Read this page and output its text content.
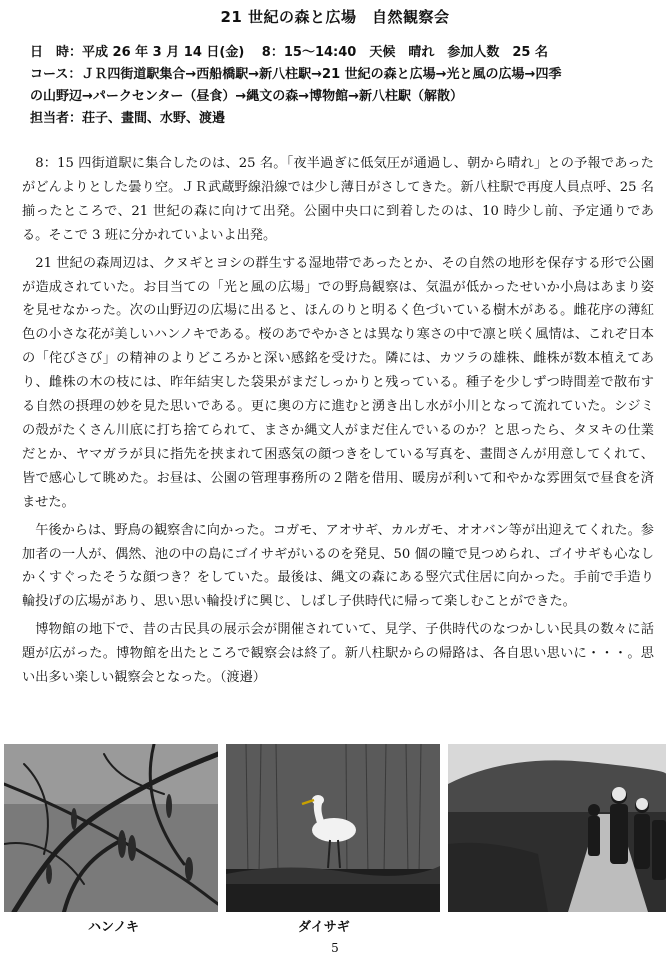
21 世紀の森と広場　自然観察会
日　時：平成 26 年 3 月 14 日(金)　 8：15～14:40　天候　晴れ　参加人数　25 名
コース：ＪＲ四街道駅集合→西船橋駅→新八柱駅→21 世紀の森と広場→光と風の広場→四季
の山野辺→パークセンター（昼食）→縄文の森→博物館→新八柱駅（解散）
担当者：荘子、畫間、水野、渡邉

8：15 四街道駅に集合したのは、25 名。「夜半過ぎに低気圧が通過し、朝から晴れ」との予報であったがどんよりとした曇り空。ＪＲ武蔵野線沿線では少し薄日がさしてきた。新八柱駅で再度人員点呼、25 名揃ったところで、21 世紀の森に向けて出発。公園中央口に到着したのは、10 時少し前、予定通りである。そこで 3 班に分かれていよいよ出発。

21 世紀の森周辺は、クヌギとヨシの群生する湿地帯であったとか、その自然の地形を保存する形で公園が造成されていた。お目当ての「光と風の広場」での野鳥観察は、気温が低かったせいか小鳥はあまり姿を見せなかった。次の山野辺の広場に出ると、ほんのりと明るく色づいている樹木がある。雌花序の薄紅色の小さな花が美しいハンノキである。桜のあでやかさとは異なり寒さの中で凛と咲く風情は、これぞ日本の「侘びさび」の精神のよりどころかと深い感銘を受けた。隣には、カツラの雄株、雌株が数本植えてあり、雌株の木の枝には、昨年結実した袋果がまだしっかりと残っている。種子を少しずつ時間差で散布する自然の摂理の妙を見た思いである。更に奥の方に進むと湧き出し水が小川となって流れていた。シジミの殻がたくさん川底に打ち捨てられて、まさか縄文人がまだ住んでいるのか？と思ったら、タヌキの仕業だとか、ヤマガラが貝に指先を挟まれて困惑気の顔つきをしている写真を、畫間さんが用意してくれて、皆で感心して眺めた。お昼は、公園の管理事務所の２階を借用、暖房が利いて和やかな雰囲気で昼食を済ませた。

午後からは、野鳥の観察舎に向かった。コガモ、アオサギ、カルガモ、オオバン等が出迎えてくれた。参加者の一人が、偶然、池の中の島にゴイサギがいるのを発見、50 個の瞳で見つめられ、ゴイサギも心なしかくすぐったそうな顔つき？をしていた。最後は、縄文の森にある竪穴式住居に向かった。手前で手造り輪投げの広場があり、思い思い輪投げに興じ、しばし子供時代に帰って楽しむことができた。

博物館の地下で、昔の古民具の展示会が開催されていて、見学、子供時代のなつかしい民具の数々に話題が広がった。博物館を出たところで観察会は終了。新八柱駅からの帰路は、各自思い思いに・・・。思い出多い楽しい観察会となった。（渡邉）

ハンノキ	ダイサギ
5
